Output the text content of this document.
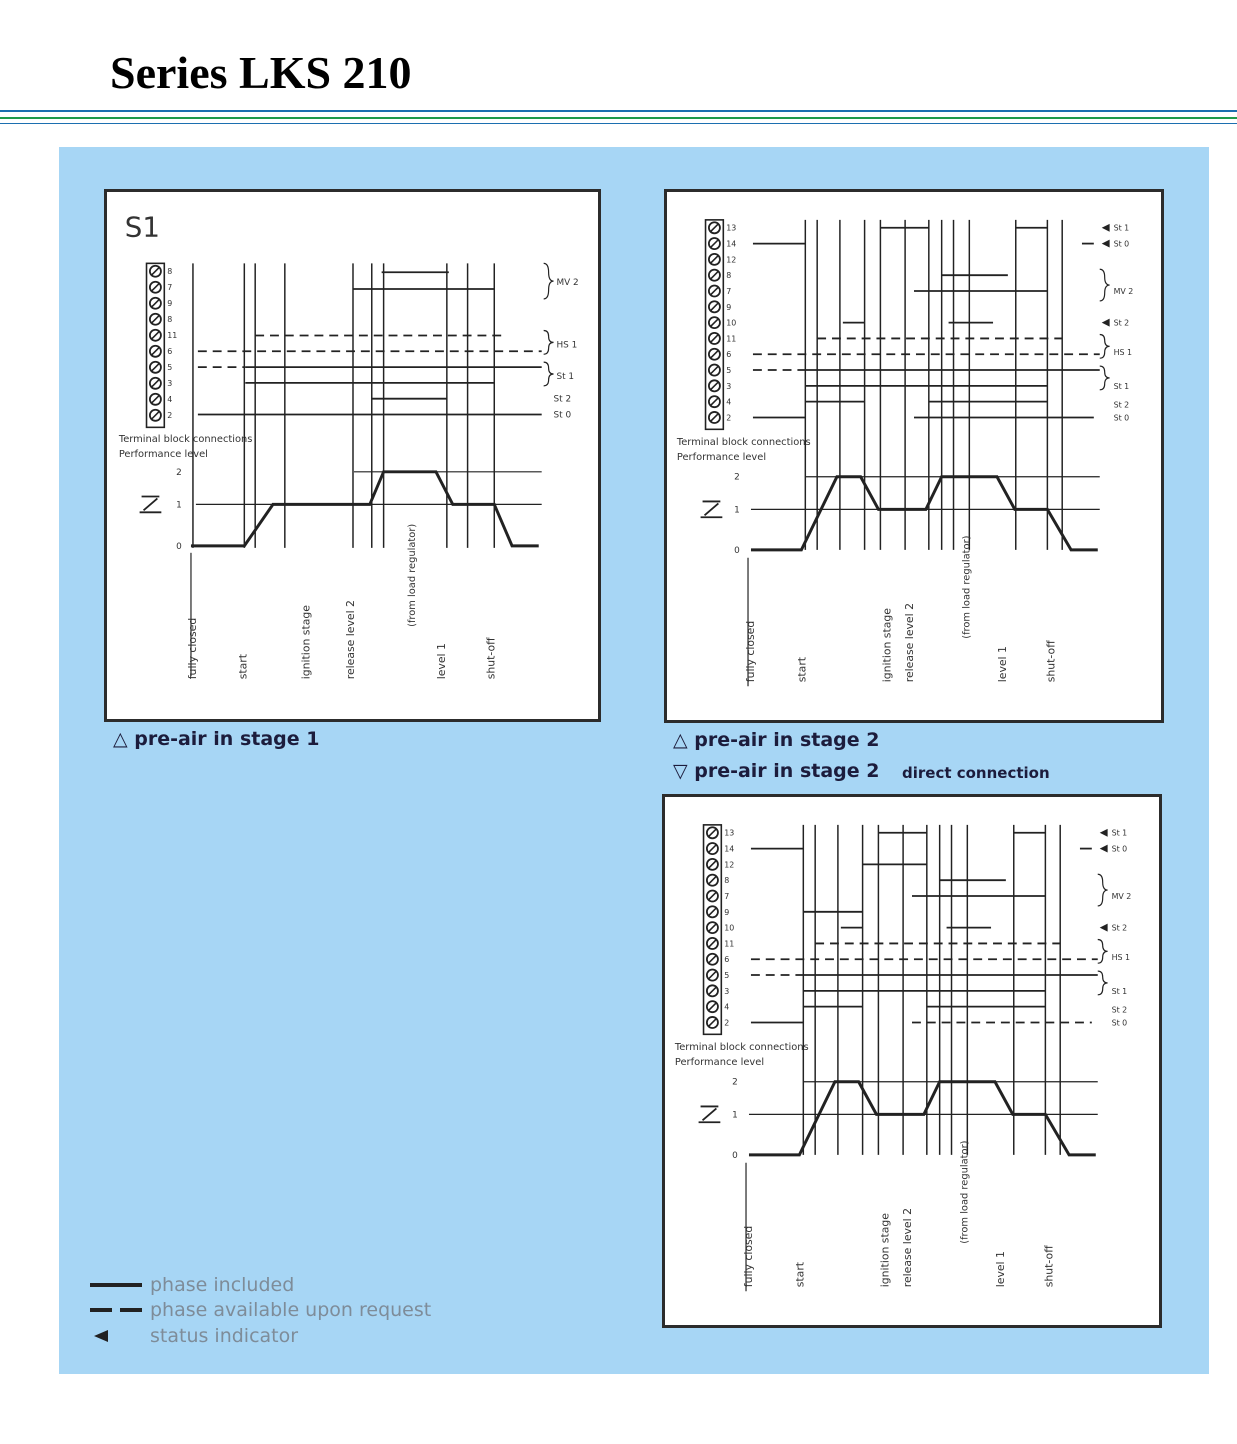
Series LKS 210
S1
8
7
9
8
11
6
5
3
4
2
MV 2
HS 1
St 1
St 2
St 0
Terminal block connections
Performance level
2
1
0
fully closed	start	ignition stage	release level 2	level 1	shut-off
(from load regulator)
△ pre-air in stage 1
13
14
12
8
7
9
10
11
6
5
3
4
2
St 1
St 0
MV 2
St 2
HS 1
St 1
St 2
St 0
Terminal block connections
Performance level
2
1
0
fully closed	start	ignition stage release level 2	level 1	shut-off
(from load regulator)
△ pre-air in stage 2
▽ pre-air in stage 2 direct connection
13
14
12
8
7
9
10
11
6
5
3
4
2
St 1
St 0
MV 2
St 2
HS 1
St 1
St 2
St 0
Terminal block connections
Performance level
2
1
0
fully closed	start	ignition stage release level 2	level 1	shut-off
(from load regulator)
phase included
phase available upon request
status indicator
